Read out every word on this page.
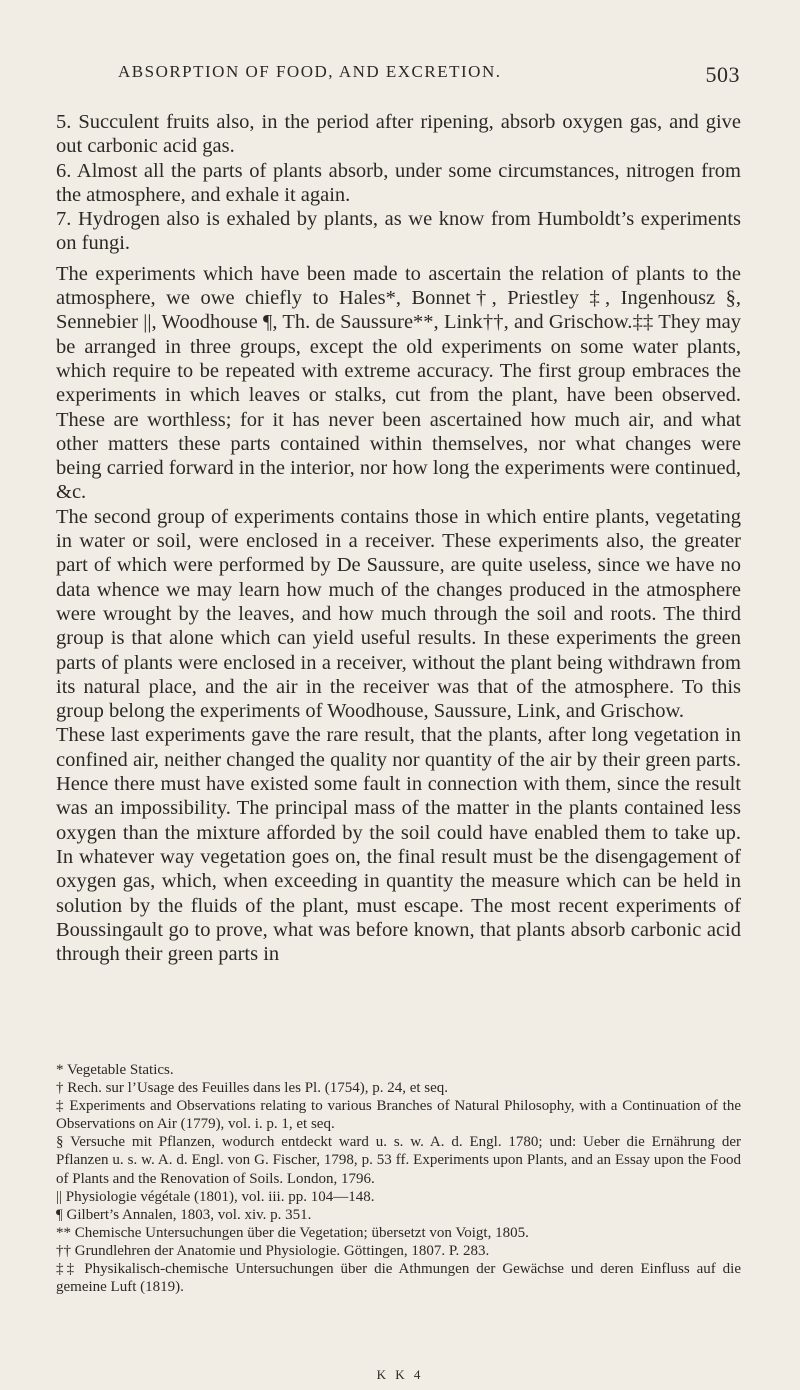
ABSORPTION OF FOOD, AND EXCRETION.	503

5. Succulent fruits also, in the period after ripening, absorb oxygen gas, and give out carbonic acid gas.

6. Almost all the parts of plants absorb, under some circumstances, nitrogen from the atmosphere, and exhale it again.

7. Hydrogen also is exhaled by plants, as we know from Humboldt’s experiments on fungi.

The experiments which have been made to ascertain the relation of plants to the atmosphere, we owe chiefly to Hales*, Bonnet†, Priestley ‡, Ingenhousz §, Sennebier ||, Woodhouse ¶, Th. de Saussure**, Link††, and Grischow.‡‡ They may be arranged in three groups, except the old experiments on some water plants, which require to be repeated with extreme accuracy. The first group embraces the experiments in which leaves or stalks, cut from the plant, have been observed. These are worthless; for it has never been ascertained how much air, and what other matters these parts contained within themselves, nor what changes were being carried forward in the interior, nor how long the experiments were continued, &c.

The second group of experiments contains those in which entire plants, vegetating in water or soil, were enclosed in a receiver. These experiments also, the greater part of which were performed by De Saussure, are quite useless, since we have no data whence we may learn how much of the changes produced in the atmosphere were wrought by the leaves, and how much through the soil and roots. The third group is that alone which can yield useful results. In these experiments the green parts of plants were enclosed in a receiver, without the plant being withdrawn from its natural place, and the air in the receiver was that of the atmosphere. To this group belong the experiments of Woodhouse, Saussure, Link, and Grischow.

These last experiments gave the rare result, that the plants, after long vegetation in confined air, neither changed the quality nor quantity of the air by their green parts. Hence there must have existed some fault in connection with them, since the result was an impossibility. The principal mass of the matter in the plants contained less oxygen than the mixture afforded by the soil could have enabled them to take up. In whatever way vegetation goes on, the final result must be the disengagement of oxygen gas, which, when exceeding in quantity the measure which can be held in solution by the fluids of the plant, must escape. The most recent experiments of Boussingault go to prove, what was before known, that plants absorb carbonic acid through their green parts in

* Vegetable Statics.

† Rech. sur l’Usage des Feuilles dans les Pl. (1754), p. 24, et seq.

‡ Experiments and Observations relating to various Branches of Natural Philosophy, with a Continuation of the Observations on Air (1779), vol. i. p. 1, et seq.

§ Versuche mit Pflanzen, wodurch entdeckt ward u. s. w. A. d. Engl. 1780; und: Ueber die Ernährung der Pflanzen u. s. w. A. d. Engl. von G. Fischer, 1798, p. 53 ff. Experiments upon Plants, and an Essay upon the Food of Plants and the Renovation of Soils. London, 1796.

|| Physiologie végétale (1801), vol. iii. pp. 104—148.

¶ Gilbert’s Annalen, 1803, vol. xiv. p. 351.

** Chemische Untersuchungen über die Vegetation; übersetzt von Voigt, 1805.

†† Grundlehren der Anatomie und Physiologie. Göttingen, 1807. P. 283.

‡‡ Physikalisch-chemische Untersuchungen über die Athmungen der Gewächse und deren Einfluss auf die gemeine Luft (1819).

K K 4
